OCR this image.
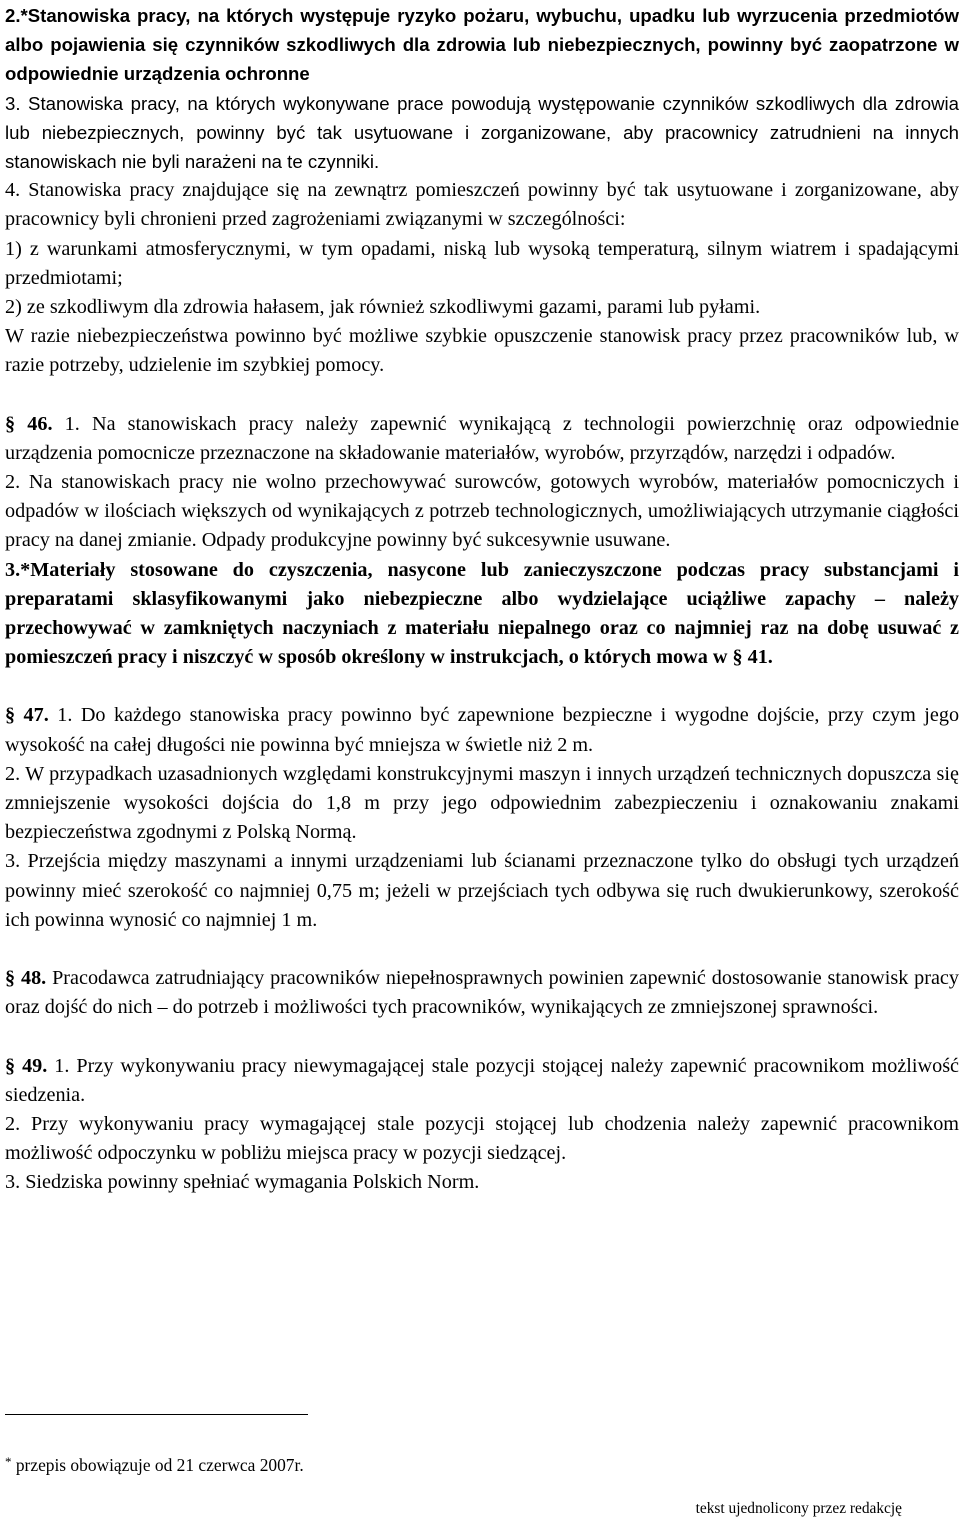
2.*Stanowiska pracy, na których występuje ryzyko pożaru, wybuchu, upadku lub wyrzucenia przedmiotów albo pojawienia się czynników szkodliwych dla zdrowia lub niebezpiecznych, powinny być zaopatrzone w odpowiednie urządzenia ochronne

3. Stanowiska pracy, na których wykonywane prace powodują występowanie czynników szkodliwych dla zdrowia lub niebezpiecznych, powinny być tak usytuowane i zorganizowane, aby pracownicy zatrudnieni na innych stanowiskach nie byli narażeni na te czynniki.

4. Stanowiska pracy znajdujące się na zewnątrz pomieszczeń powinny być tak usytuowane i zorganizowane, aby pracownicy byli chronieni przed zagrożeniami związanymi w szczególności:

1) z warunkami atmosferycznymi, w tym opadami, niską lub wysoką temperaturą, silnym wiatrem i spadającymi przedmiotami;

2) ze szkodliwym dla zdrowia hałasem, jak również szkodliwymi gazami, parami lub pyłami.

W razie niebezpieczeństwa powinno być możliwe szybkie opuszczenie stanowisk pracy przez pracowników lub, w razie potrzeby, udzielenie im szybkiej pomocy.

§ 46. 1. Na stanowiskach pracy należy zapewnić wynikającą z technologii powierzchnię oraz odpowiednie urządzenia pomocnicze przeznaczone na składowanie materiałów, wyrobów, przyrządów, narzędzi i odpadów.

2. Na stanowiskach pracy nie wolno przechowywać surowców, gotowych wyrobów, materiałów pomocniczych i odpadów w ilościach większych od wynikających z potrzeb technologicznych, umożliwiających utrzymanie ciągłości pracy na danej zmianie. Odpady produkcyjne powinny być sukcesywnie usuwane.

3.*Materiały stosowane do czyszczenia, nasycone lub zanieczyszczone podczas pracy substancjami i preparatami sklasyfikowanymi jako niebezpieczne albo wydzielające uciążliwe zapachy – należy przechowywać w zamkniętych naczyniach z materiału niepalnego oraz co najmniej raz na dobę usuwać z pomieszczeń pracy i niszczyć w sposób określony w instrukcjach, o których mowa w § 41.

§ 47. 1. Do każdego stanowiska pracy powinno być zapewnione bezpieczne i wygodne dojście, przy czym jego wysokość na całej długości nie powinna być mniejsza w świetle niż 2 m.

2. W przypadkach uzasadnionych względami konstrukcyjnymi maszyn i innych urządzeń technicznych dopuszcza się zmniejszenie wysokości dojścia do 1,8 m przy jego odpowiednim zabezpieczeniu i oznakowaniu znakami bezpieczeństwa zgodnymi z Polską Normą.

3. Przejścia między maszynami a innymi urządzeniami lub ścianami przeznaczone tylko do obsługi tych urządzeń powinny mieć szerokość co najmniej 0,75 m; jeżeli w przejściach tych odbywa się ruch dwukierunkowy, szerokość ich powinna wynosić co najmniej 1 m.

§ 48. Pracodawca zatrudniający pracowników niepełnosprawnych powinien zapewnić dostosowanie stanowisk pracy oraz dojść do nich – do potrzeb i możliwości tych pracowników, wynikających ze zmniejszonej sprawności.

§ 49. 1. Przy wykonywaniu pracy niewymagającej stale pozycji stojącej należy zapewnić pracownikom możliwość siedzenia.

2. Przy wykonywaniu pracy wymagającej stale pozycji stojącej lub chodzenia należy zapewnić pracownikom możliwość odpoczynku w pobliżu miejsca pracy w pozycji siedzącej.

3. Siedziska powinny spełniać wymagania Polskich Norm.

* przepis obowiązuje od 21 czerwca 2007r.
tekst ujednolicony przez redakcję
